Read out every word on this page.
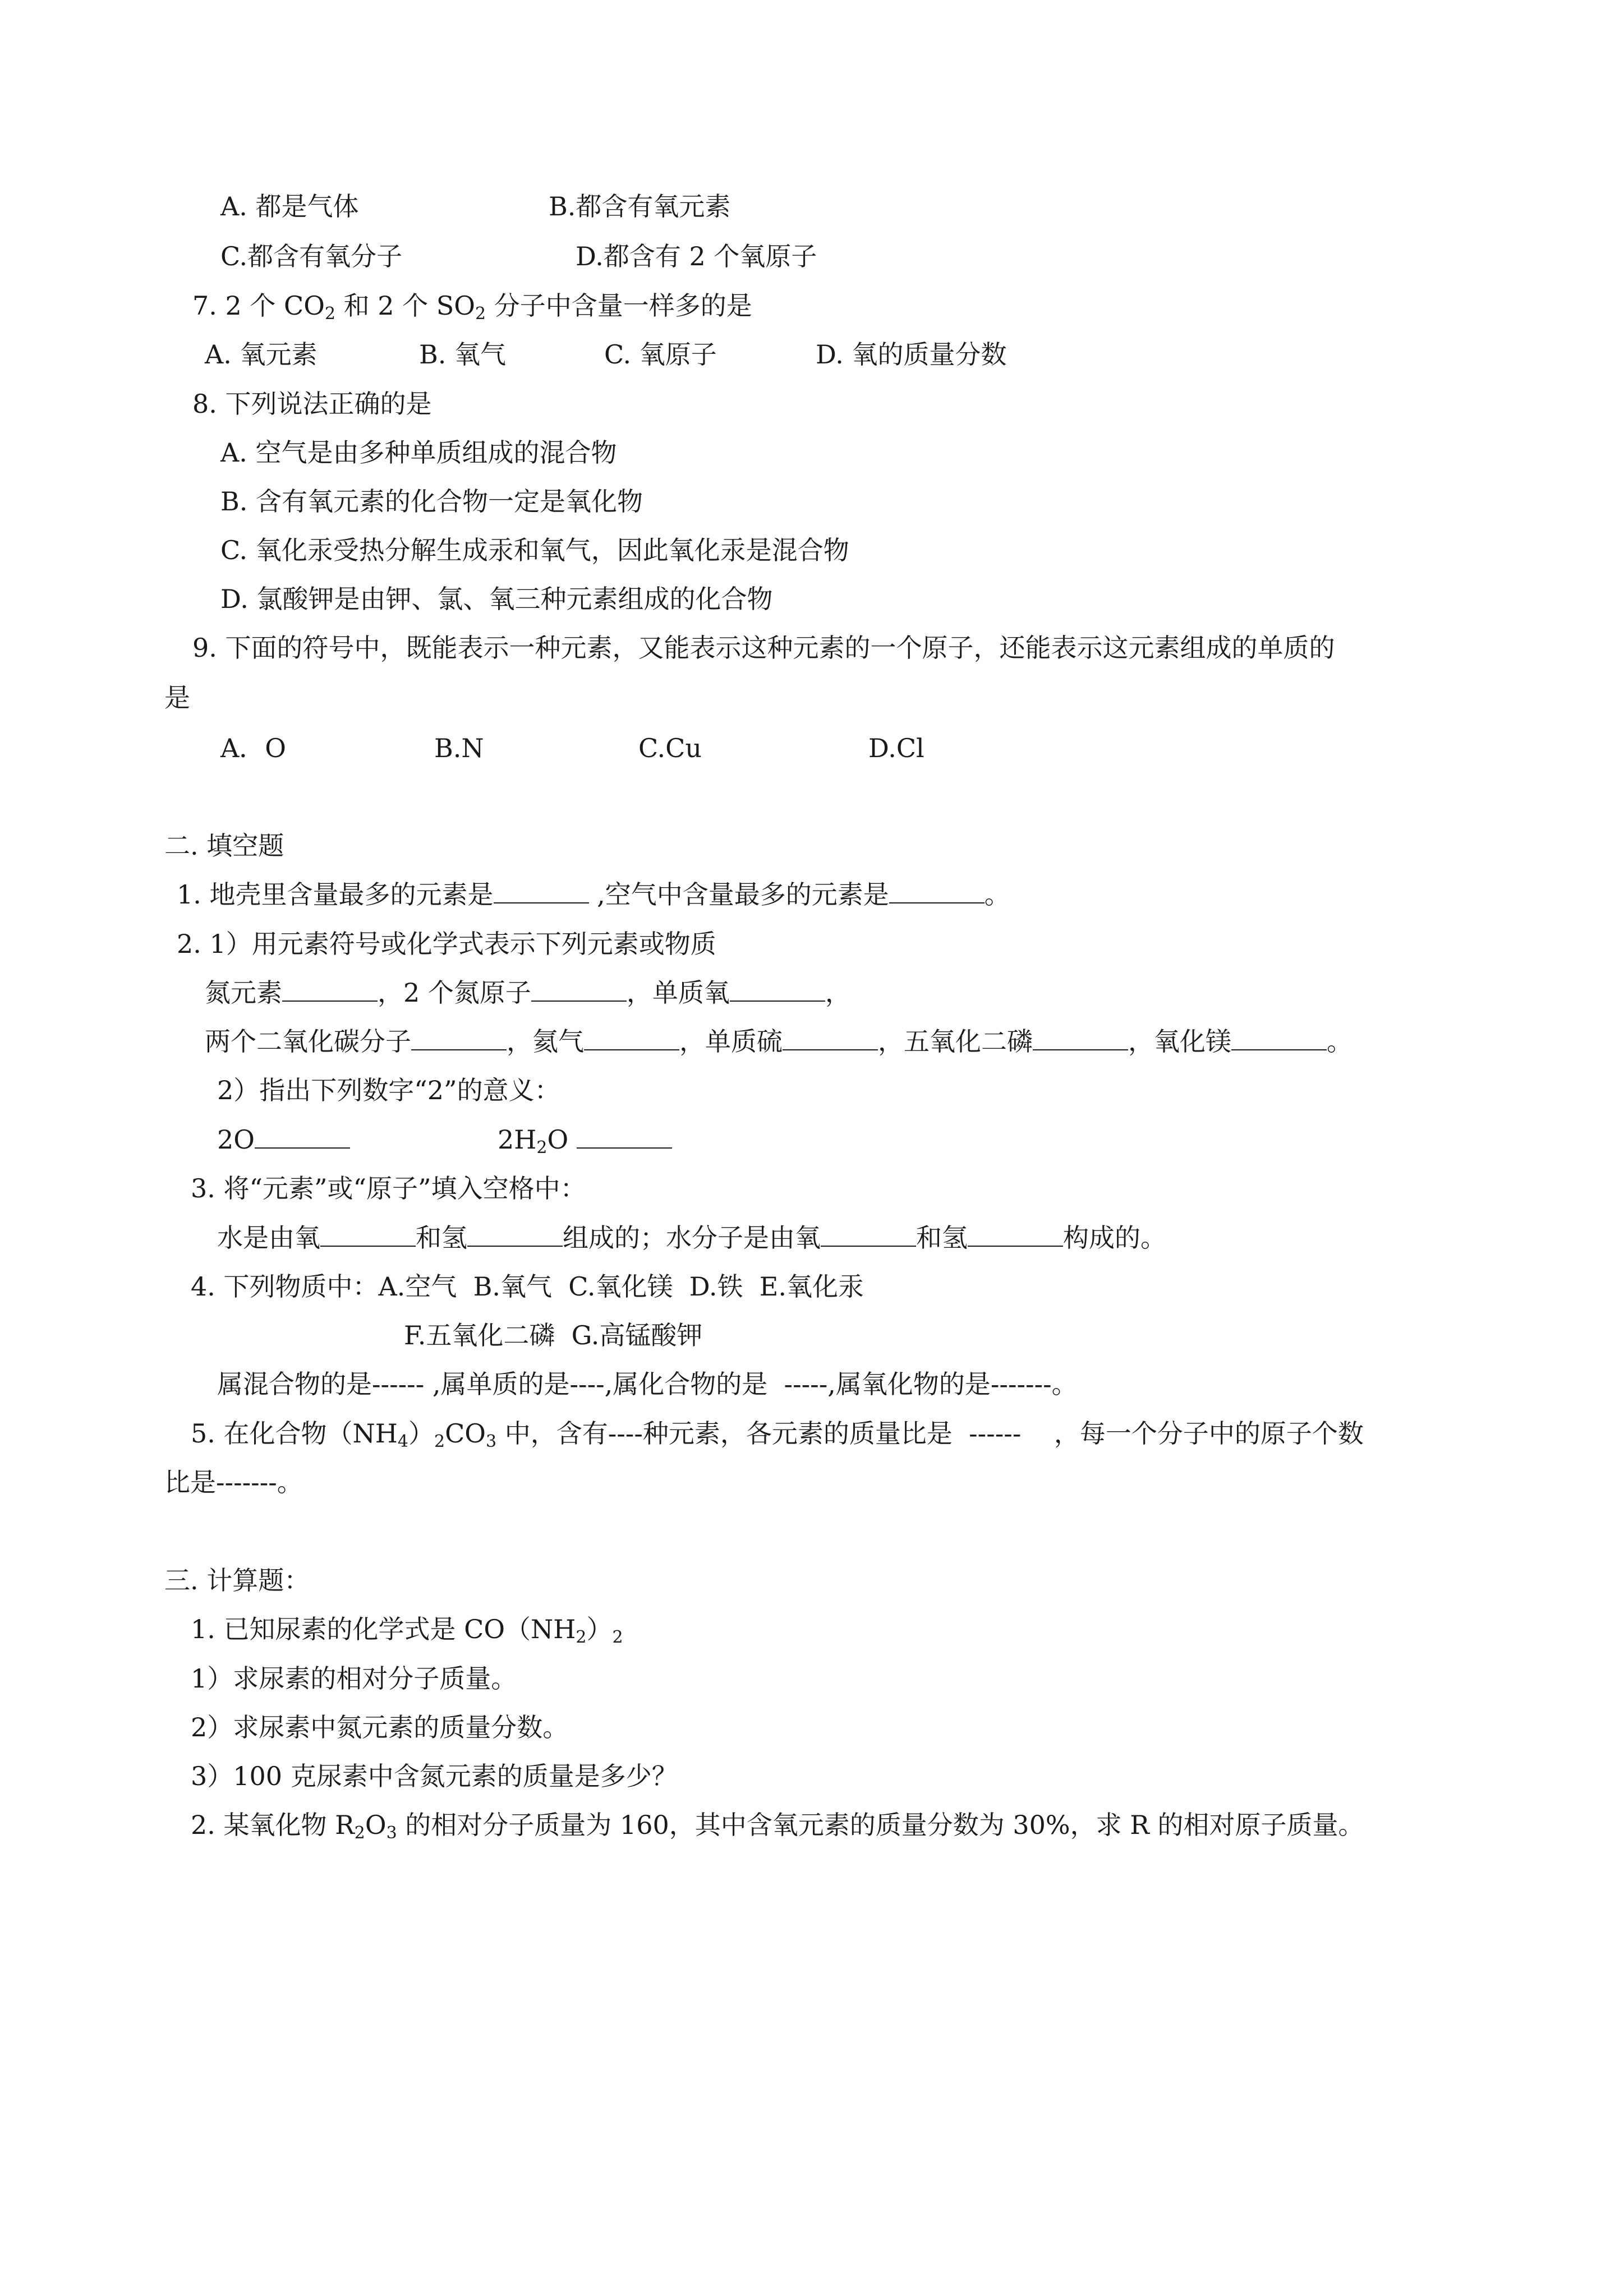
A. 都是气体	B.都含有氧元素
C.都含有氧分子	D.都含有 2 个氧原子
7. 2 个 $CO_2$ 和 2 个 $SO_2$ 分子中含量一样多的是
A. 氧元素	B. 氧气	C. 氧原子	D. 氧的质量分数
8. 下列说法正确的是
A. 空气是由多种单质组成的混合物
B. 含有氧元素的化合物一定是氧化物
C. 氧化汞受热分解生成汞和氧气，因此氧化汞是混合物
D. 氯酸钾是由钾、氯、氧三种元素组成的化合物
9. 下面的符号中，既能表示一种元素，又能表示这种元素的一个原子，还能表示这元素组成的单质的
是
A．O	B.N	C.Cu	D.Cl
二. 填空题
1. 地壳里含量最多的元素是	,空气中含量最多的元素是	。
2. 1）用元素符号或化学式表示下列元素或物质
氮元素	，2 个氮原子	，单质氧	，
两个二氧化碳分子	，氦气	，单质硫	，五氧化二磷	，氧化镁	。
2）指出下列数字“2”的意义：
2O	$2H_2O$
3. 将“元素”或“原子”填入空格中：
水是由氧	和氢	组成的；水分子是由氧	和氢	构成的。
4. 下列物质中：A.空气  B.氧气  C.氧化镁  D.铁  E.氧化汞
F.五氧化二磷  G.高锰酸钾
属混合物的是------ ,属单质的是----,属化合物的是  -----,属氧化物的是-------。
5. 在化合物$(NH_4)_2CO_3$ 中，含有----种元素，各元素的质量比是  ------    ，每一个分子中的原子个数
比是-------。
三. 计算题：
1. 已知尿素的化学式是 $CO(NH_2)_2$
1）求尿素的相对分子质量。
2）求尿素中氮元素的质量分数。
3）100 克尿素中含氮元素的质量是多少？
2. 某氧化物 $R_2O_3$ 的相对分子质量为 160，其中含氧元素的质量分数为 30%，求 R 的相对原子质量。
